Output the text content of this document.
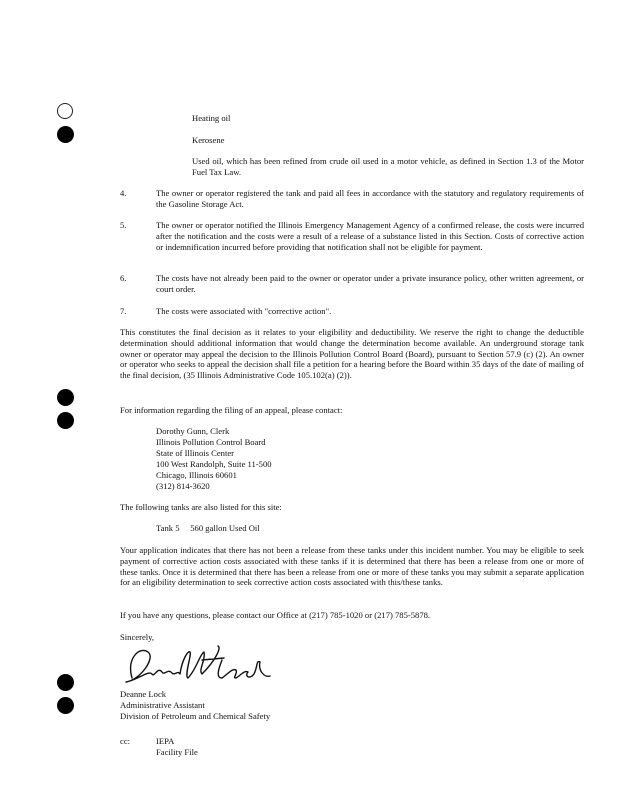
Heating oil
Kerosene
Used oil, which has been refined from crude oil used in a motor vehicle, as defined in Section 1.3 of the Motor Fuel Tax Law.
4.	The owner or operator registered the tank and paid all fees in accordance with the statutory and regulatory requirements of the Gasoline Storage Act.
5.	The owner or operator notified the Illinois Emergency Management Agency of a confirmed release, the costs were incurred after the notification and the costs were a result of a release of a substance listed in this Section. Costs of corrective action or indemnification incurred before providing that notification shall not be eligible for payment.
6.	The costs have not already been paid to the owner or operator under a private insurance policy, other written agreement, or court order.
7.	The costs were associated with "corrective action".
This constitutes the final decision as it relates to your eligibility and deductibility. We reserve the right to change the deductible determination should additional information that would change the determination become available. An underground storage tank owner or operator may appeal the decision to the Illinois Pollution Control Board (Board), pursuant to Section 57.9 (c) (2). An owner or operator who seeks to appeal the decision shall file a petition for a hearing before the Board within 35 days of the date of mailing of the final decision, (35 Illinois Administrative Code 105.102(a) (2)).
For information regarding the filing of an appeal, please contact:
Dorothy Gunn, Clerk
Illinois Pollution Control Board
State of Illinois Center
100 West Randolph, Suite 11-500
Chicago, Illinois 60601
(312) 814-3620
The following tanks are also listed for this site:
Tank 5     560 gallon Used Oil
Your application indicates that there has not been a release from these tanks under this incident number. You may be eligible to seek payment of corrective action costs associated with these tanks if it is determined that there has been a release from one or more of these tanks. Once it is determined that there has been a release from one or more of these tanks you may submit a separate application for an eligibility determination to seek corrective action costs associated with this/these tanks.
If you have any questions, please contact our Office at (217) 785-1020 or (217) 785-5878.
Sincerely,
Deanne Lock
Administrative Assistant
Division of Petroleum and Chemical Safety
cc:	IEPA
Facility File
